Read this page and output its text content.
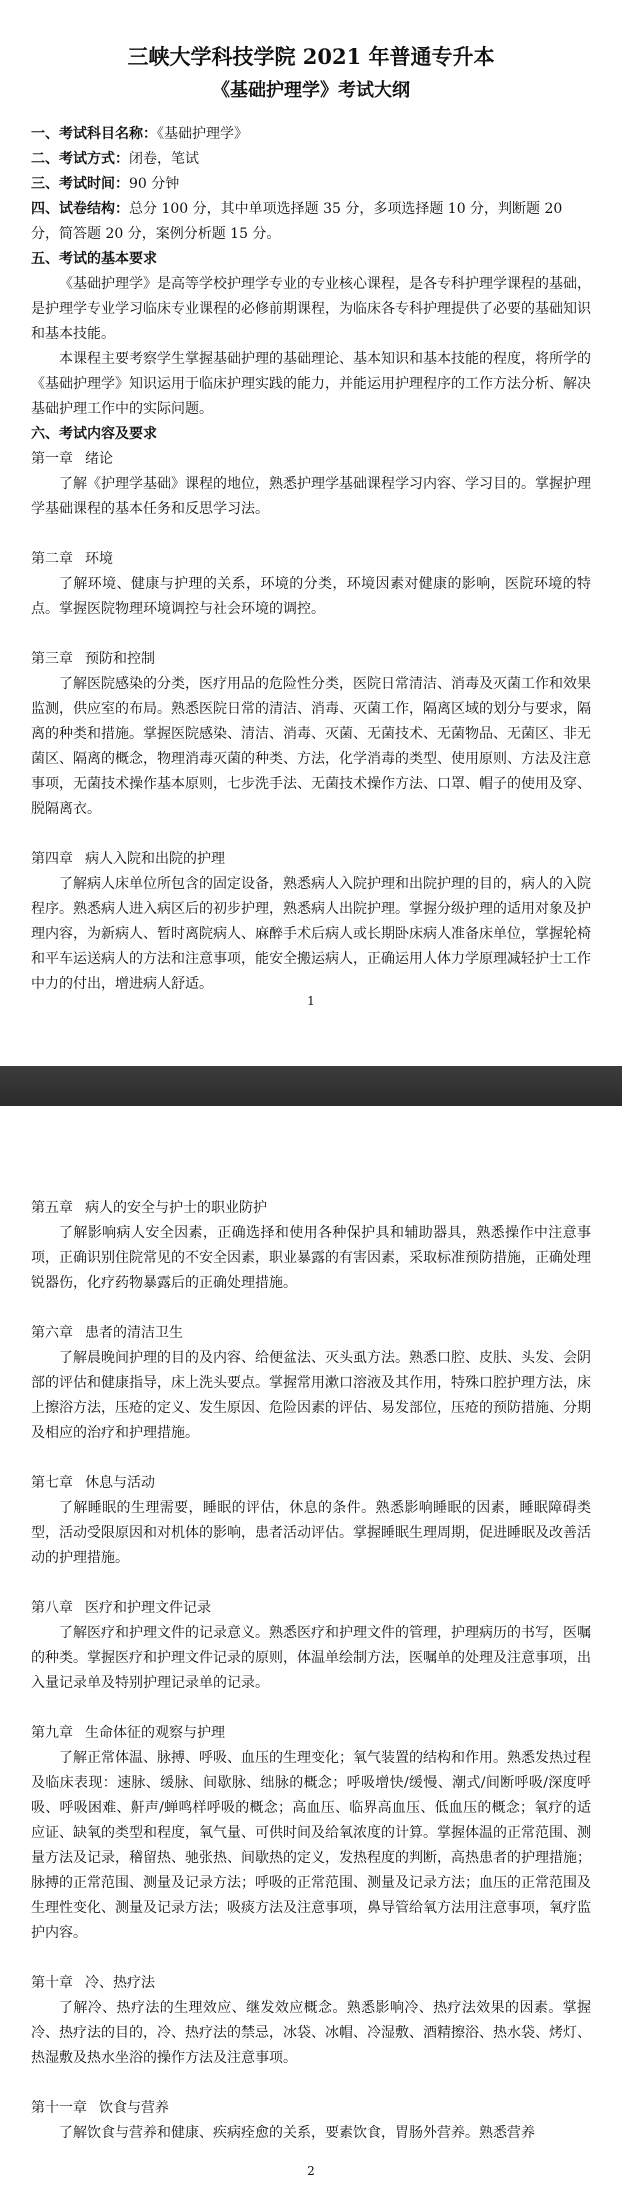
三峡大学科技学院 2021 年普通专升本
《基础护理学》考试大纲

一、考试科目名称：《基础护理学》

二、考试方式：闭卷，笔试

三、考试时间：90 分钟

四、试卷结构：总分 100 分，其中单项选择题 35 分，多项选择题 10 分，判断题 20 分，简答题 20 分，案例分析题 15 分。

五、考试的基本要求

《基础护理学》是高等学校护理学专业的专业核心课程，是各专科护理学课程的基础，是护理学专业学习临床专业课程的必修前期课程，为临床各专科护理提供了必要的基础知识和基本技能。

本课程主要考察学生掌握基础护理的基础理论、基本知识和基本技能的程度，将所学的《基础护理学》知识运用于临床护理实践的能力，并能运用护理程序的工作方法分析、解决基础护理工作中的实际问题。

六、考试内容及要求

第一章 绪论

了解《护理学基础》课程的地位，熟悉护理学基础课程学习内容、学习目的。掌握护理学基础课程的基本任务和反思学习法。

第二章 环境

了解环境、健康与护理的关系，环境的分类，环境因素对健康的影响，医院环境的特点。掌握医院物理环境调控与社会环境的调控。

第三章 预防和控制

了解医院感染的分类，医疗用品的危险性分类，医院日常清洁、消毒及灭菌工作和效果监测，供应室的布局。熟悉医院日常的清洁、消毒、灭菌工作，隔离区域的划分与要求，隔离的种类和措施。掌握医院感染、清洁、消毒、灭菌、无菌技术、无菌物品、无菌区、非无菌区、隔离的概念，物理消毒灭菌的种类、方法，化学消毒的类型、使用原则、方法及注意事项，无菌技术操作基本原则，七步洗手法、无菌技术操作方法、口罩、帽子的使用及穿、脱隔离衣。

第四章 病人入院和出院的护理

了解病人床单位所包含的固定设备，熟悉病人入院护理和出院护理的目的，病人的入院程序。熟悉病人进入病区后的初步护理，熟悉病人出院护理。掌握分级护理的适用对象及护理内容，为新病人、暂时离院病人、麻醉手术后病人或长期卧床病人准备床单位，掌握轮椅和平车运送病人的方法和注意事项，能安全搬运病人，正确运用人体力学原理减轻护士工作中力的付出，增进病人舒适。

1

第五章 病人的安全与护士的职业防护

了解影响病人安全因素，正确选择和使用各种保护具和辅助器具，熟悉操作中注意事项，正确识别住院常见的不安全因素，职业暴露的有害因素，采取标准预防措施，正确处理锐器伤，化疗药物暴露后的正确处理措施。

第六章 患者的清洁卫生

了解晨晚间护理的目的及内容、给便盆法、灭头虱方法。熟悉口腔、皮肤、头发、会阴部的评估和健康指导，床上洗头要点。掌握常用漱口溶液及其作用，特殊口腔护理方法，床上擦浴方法，压疮的定义、发生原因、危险因素的评估、易发部位，压疮的预防措施、分期及相应的治疗和护理措施。

第七章 休息与活动

了解睡眠的生理需要，睡眠的评估，休息的条件。熟悉影响睡眠的因素，睡眠障碍类型，活动受限原因和对机体的影响，患者活动评估。掌握睡眠生理周期，促进睡眠及改善活动的护理措施。

第八章 医疗和护理文件记录

了解医疗和护理文件的记录意义。熟悉医疗和护理文件的管理，护理病历的书写，医嘱的种类。掌握医疗和护理文件记录的原则，体温单绘制方法，医嘱单的处理及注意事项，出入量记录单及特别护理记录单的记录。

第九章 生命体征的观察与护理

了解正常体温、脉搏、呼吸、血压的生理变化；氧气装置的结构和作用。熟悉发热过程及临床表现：速脉、缓脉、间歇脉、绌脉的概念；呼吸增快/缓慢、潮式/间断呼吸/深度呼吸、呼吸困难、鼾声/蝉鸣样呼吸的概念；高血压、临界高血压、低血压的概念；氧疗的适应证、缺氧的类型和程度，氧气量、可供时间及给氧浓度的计算。掌握体温的正常范围、测量方法及记录，稽留热、驰张热、间歇热的定义，发热程度的判断，高热患者的护理措施；脉搏的正常范围、测量及记录方法；呼吸的正常范围、测量及记录方法；血压的正常范围及生理性变化、测量及记录方法；吸痰方法及注意事项，鼻导管给氧方法用注意事项，氧疗监护内容。

第十章 冷、热疗法

了解冷、热疗法的生理效应、继发效应概念。熟悉影响冷、热疗法效果的因素。掌握冷、热疗法的目的，冷、热疗法的禁忌，冰袋、冰帽、冷湿敷、酒精擦浴、热水袋、烤灯、热湿敷及热水坐浴的操作方法及注意事项。

第十一章 饮食与营养

了解饮食与营养和健康、疾病痊愈的关系，要素饮食，胃肠外营养。熟悉营养

2
